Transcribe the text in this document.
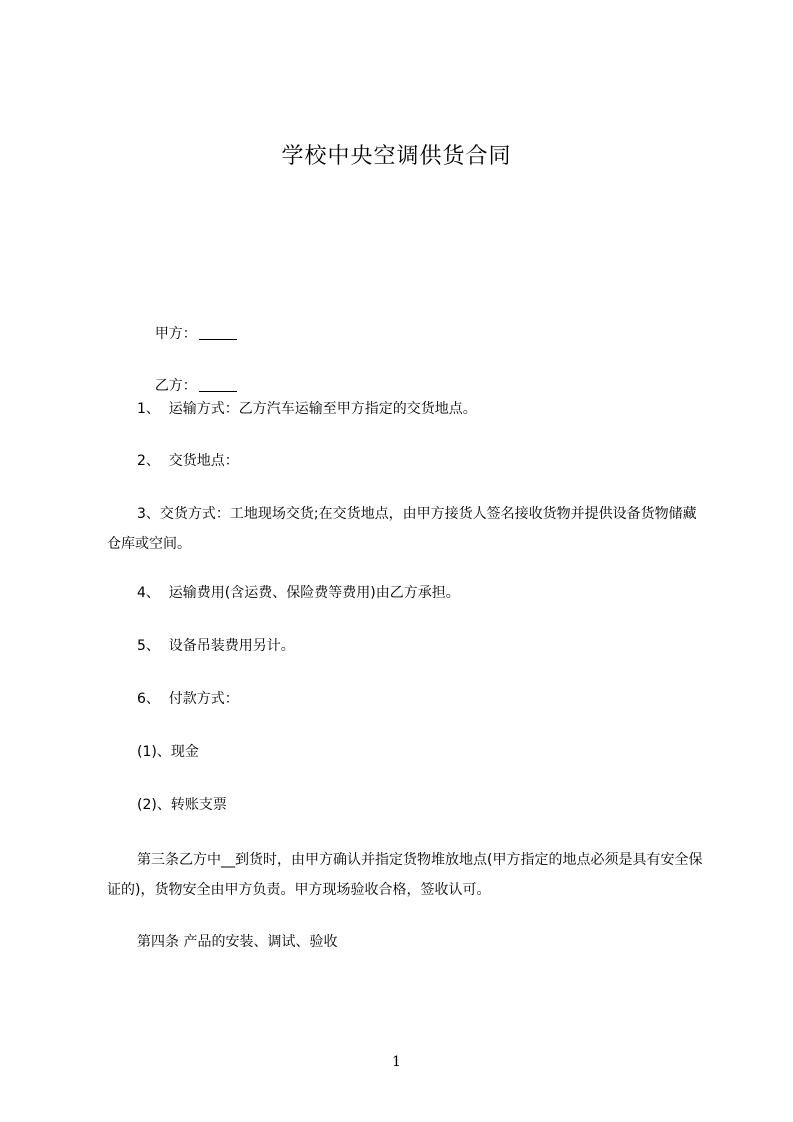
学校中央空调供货合同

甲方：

乙方：

1、  运输方式：乙方汽车运输至甲方指定的交货地点。
2、  交货地点：
3、交货方式：工地现场交货;在交货地点，由甲方接货人签名接收货物并提供设备货物储藏仓库或空间。
4、  运输费用(含运费、保险费等费用)由乙方承担。
5、  设备吊装费用另计。
6、  付款方式：
(1)、现金
(2)、转账支票
第三条乙方中__到货时，由甲方确认并指定货物堆放地点(甲方指定的地点必须是具有安全保证的)，货物安全由甲方负责。甲方现场验收合格，签收认可。
第四条 产品的安装、调试、验收
1
